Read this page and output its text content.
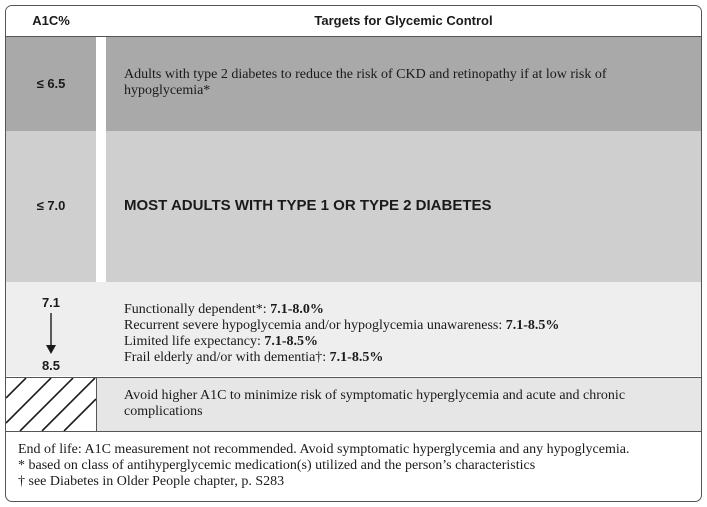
A1C%	Targets for Glycemic Control
≤ 6.5
Adults with type 2 diabetes to reduce the risk of CKD and retinopathy if at low risk of hypoglycemia*
≤ 7.0	MOST ADULTS WITH TYPE 1 OR TYPE 2 DIABETES
7.1
8.5
Functionally dependent*: 7.1-8.0%
Recurrent severe hypoglycemia and/or hypoglycemia unawareness: 7.1-8.5%
Limited life expectancy: 7.1-8.5%
Frail elderly and/or with dementia†: 7.1-8.5%
Avoid higher A1C to minimize risk of symptomatic hyperglycemia and acute and chronic complications
End of life: A1C measurement not recommended. Avoid symptomatic hyperglycemia and any hypoglycemia.
* based on class of antihyperglycemic medication(s) utilized and the person’s characteristics
† see Diabetes in Older People chapter, p. S283
